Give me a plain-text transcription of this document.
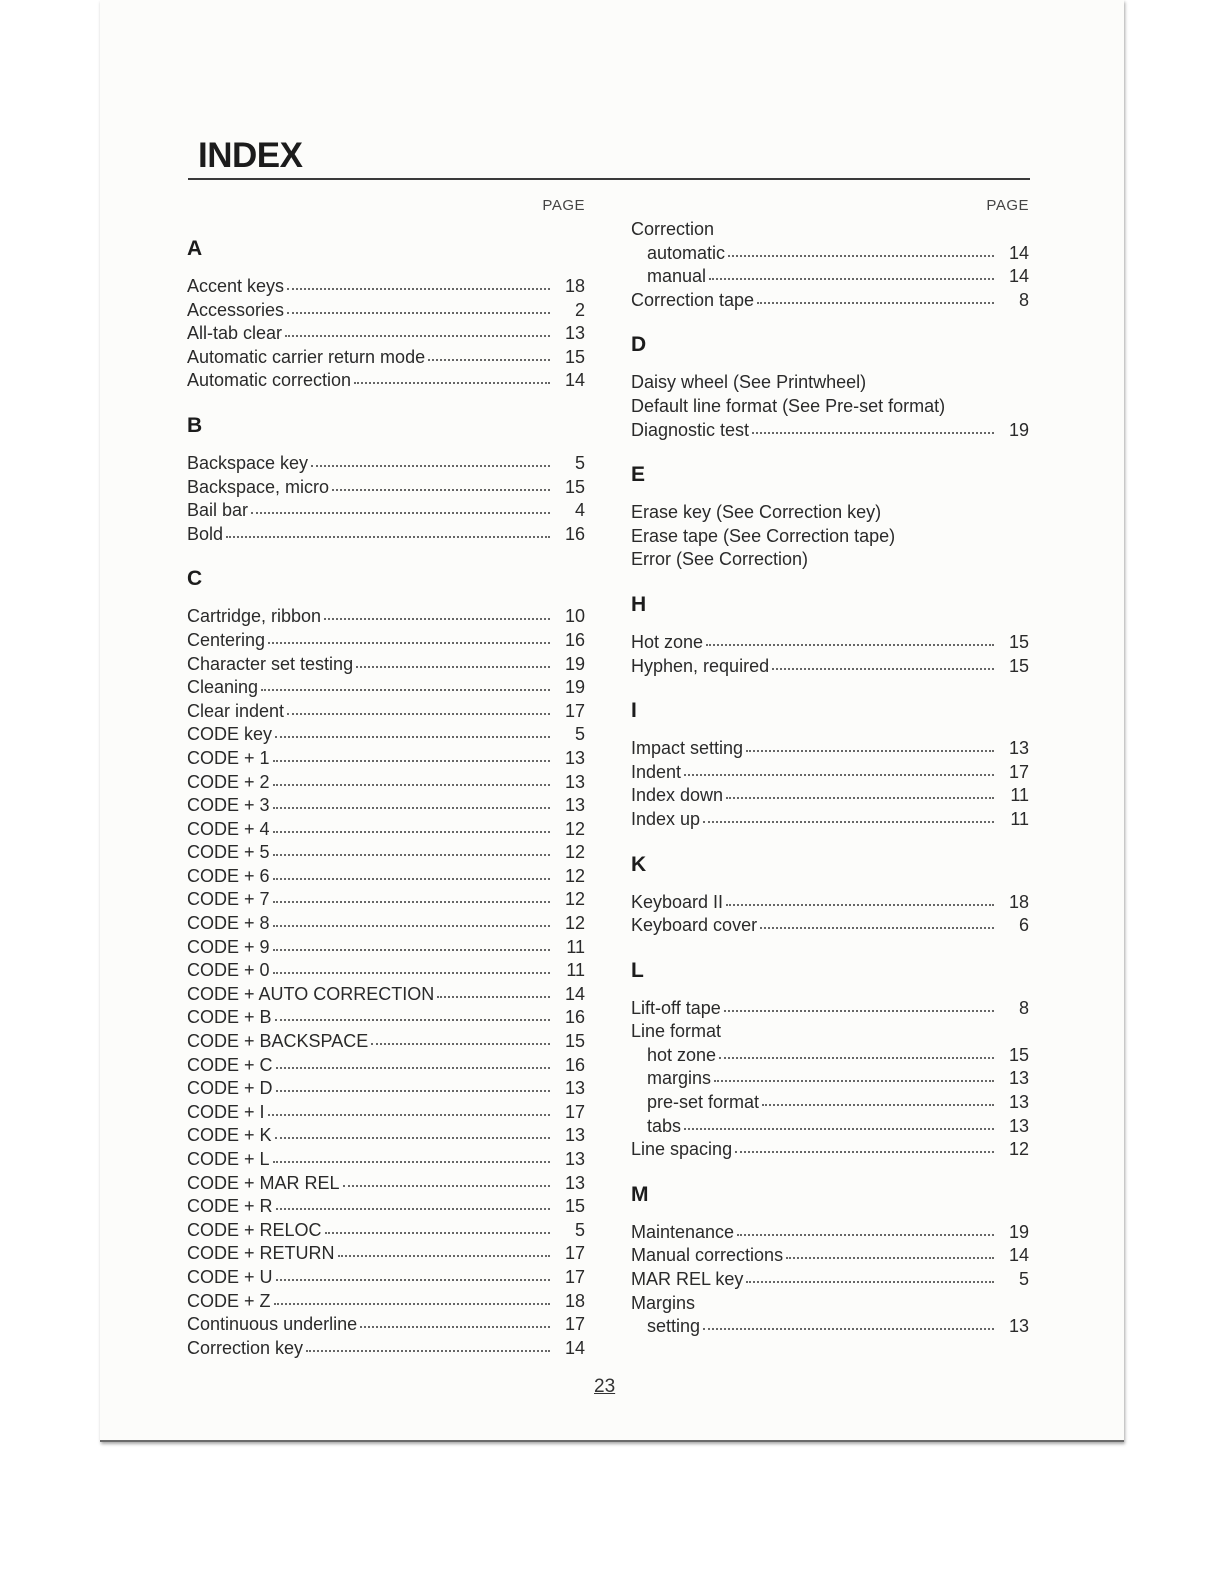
INDEX
PAGE
A
Accent keys	18
Accessories	2
All-tab clear	13
Automatic carrier return mode	15
Automatic correction	14
B
Backspace key	5
Backspace, micro	15
Bail bar	4
Bold	16
C
Cartridge, ribbon	10
Centering	16
Character set testing	19
Cleaning	19
Clear indent	17
CODE key	5
CODE + 1	13
CODE + 2	13
CODE + 3	13
CODE + 4	12
CODE + 5	12
CODE + 6	12
CODE + 7	12
CODE + 8	12
CODE + 9	11
CODE + 0	11
CODE + AUTO CORRECTION	14
CODE + B	16
CODE + BACKSPACE	15
CODE + C	16
CODE + D	13
CODE + I	17
CODE + K	13
CODE + L	13
CODE + MAR REL	13
CODE + R	15
CODE + RELOC	5
CODE + RETURN	17
CODE + U	17
CODE + Z	18
Continuous underline	17
Correction key	14
PAGE
Correction
automatic	14
manual	14
Correction tape	8
D
Daisy wheel (See Printwheel)
Default line format (See Pre-set format)
Diagnostic test	19
E
Erase key (See Correction key)
Erase tape (See Correction tape)
Error (See Correction)
H
Hot zone	15
Hyphen, required	15
I
Impact setting	13
Indent	17
Index down	11
Index up	11
K
Keyboard II	18
Keyboard cover	6
L
Lift-off tape	8
Line format
hot zone	15
margins	13
pre-set format	13
tabs	13
Line spacing	12
M
Maintenance	19
Manual corrections	14
MAR REL key	5
Margins
setting	13
23
